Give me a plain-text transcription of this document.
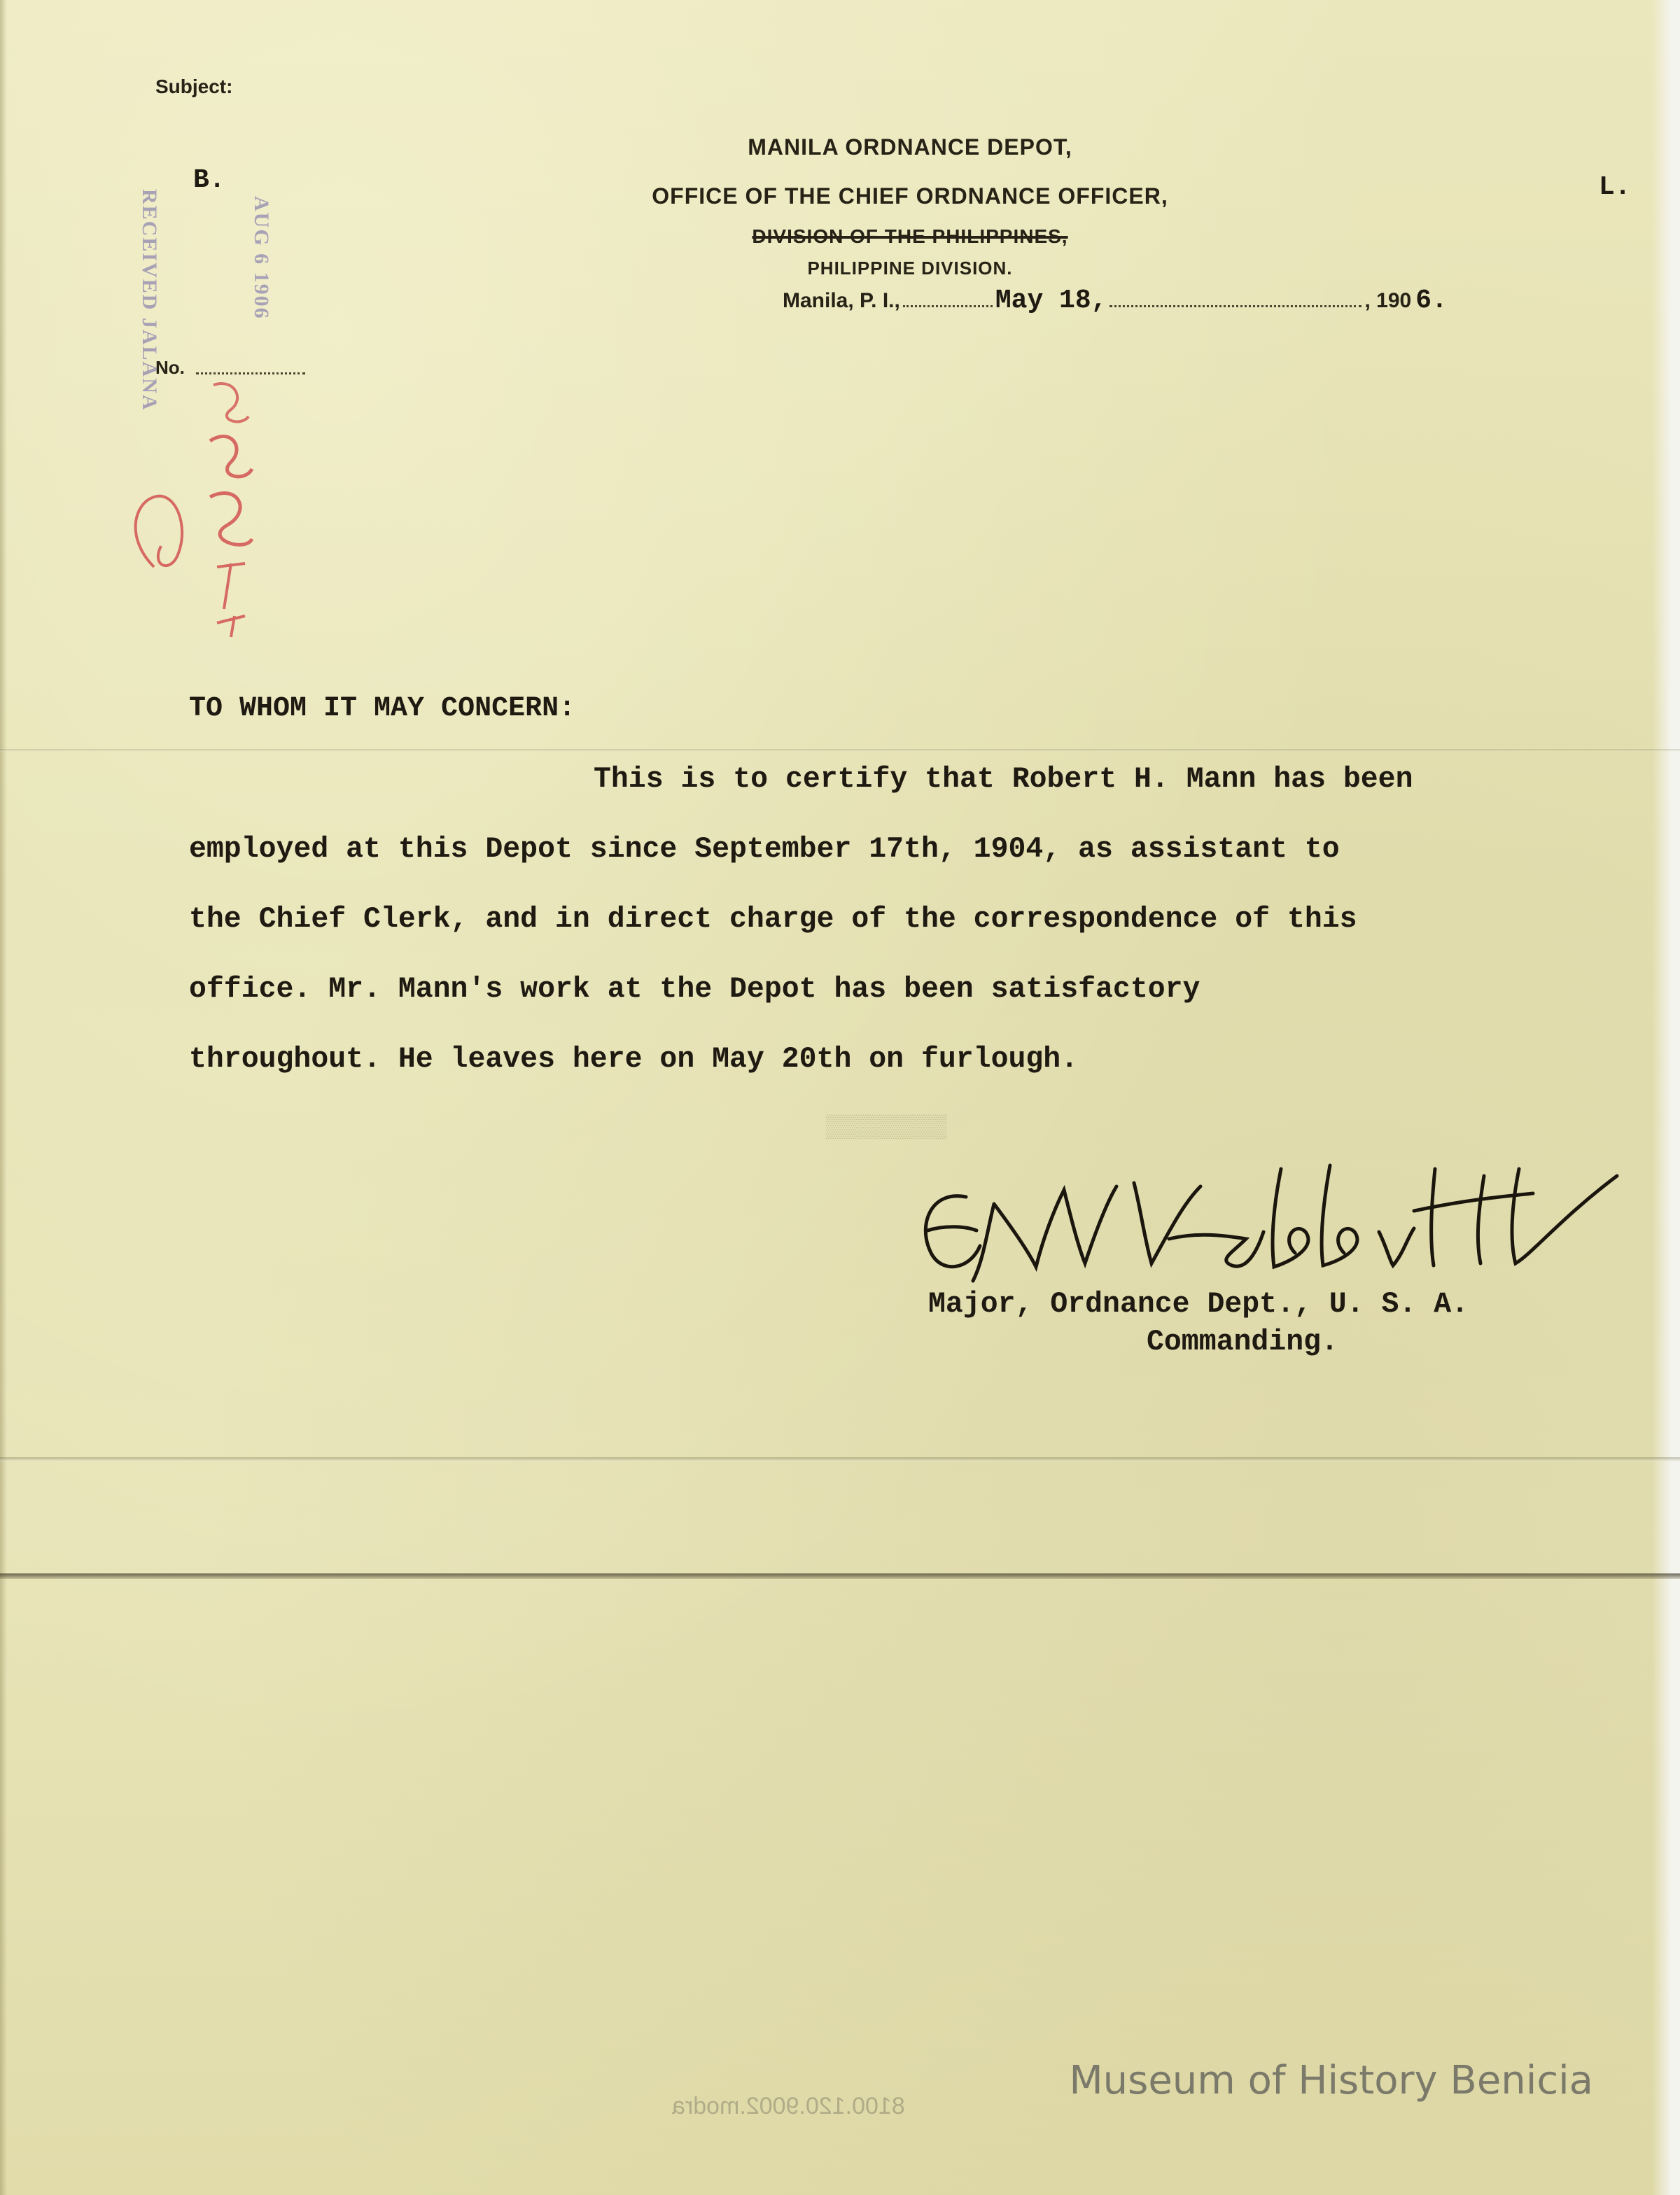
Subject:
B.	L.
MANILA ORDNANCE DEPOT,
OFFICE OF THE CHIEF ORDNANCE OFFICER,
DIVISION OF THE PHILIPPINES,
PHILIPPINE DIVISION.
Manila, P. I.,	May 18,	, 190 6.
No.
RECEIVED JALANA	AUG 6 1906
TO WHOM IT MAY CONCERN:
This is to certify that Robert H. Mann has been
employed at this Depot since September 17th, 1904, as assistant to
the Chief Clerk, and in direct charge of the correspondence of this
office. Mr. Mann's work at the Depot has been satisfactory
throughout. He leaves here on May 20th on furlough.
▒▒▒▒▒▒▒▒▒
Major, Ordnance Dept., U. S. A.
Commanding.
8100.120.9002.modra
Museum of History Benicia
